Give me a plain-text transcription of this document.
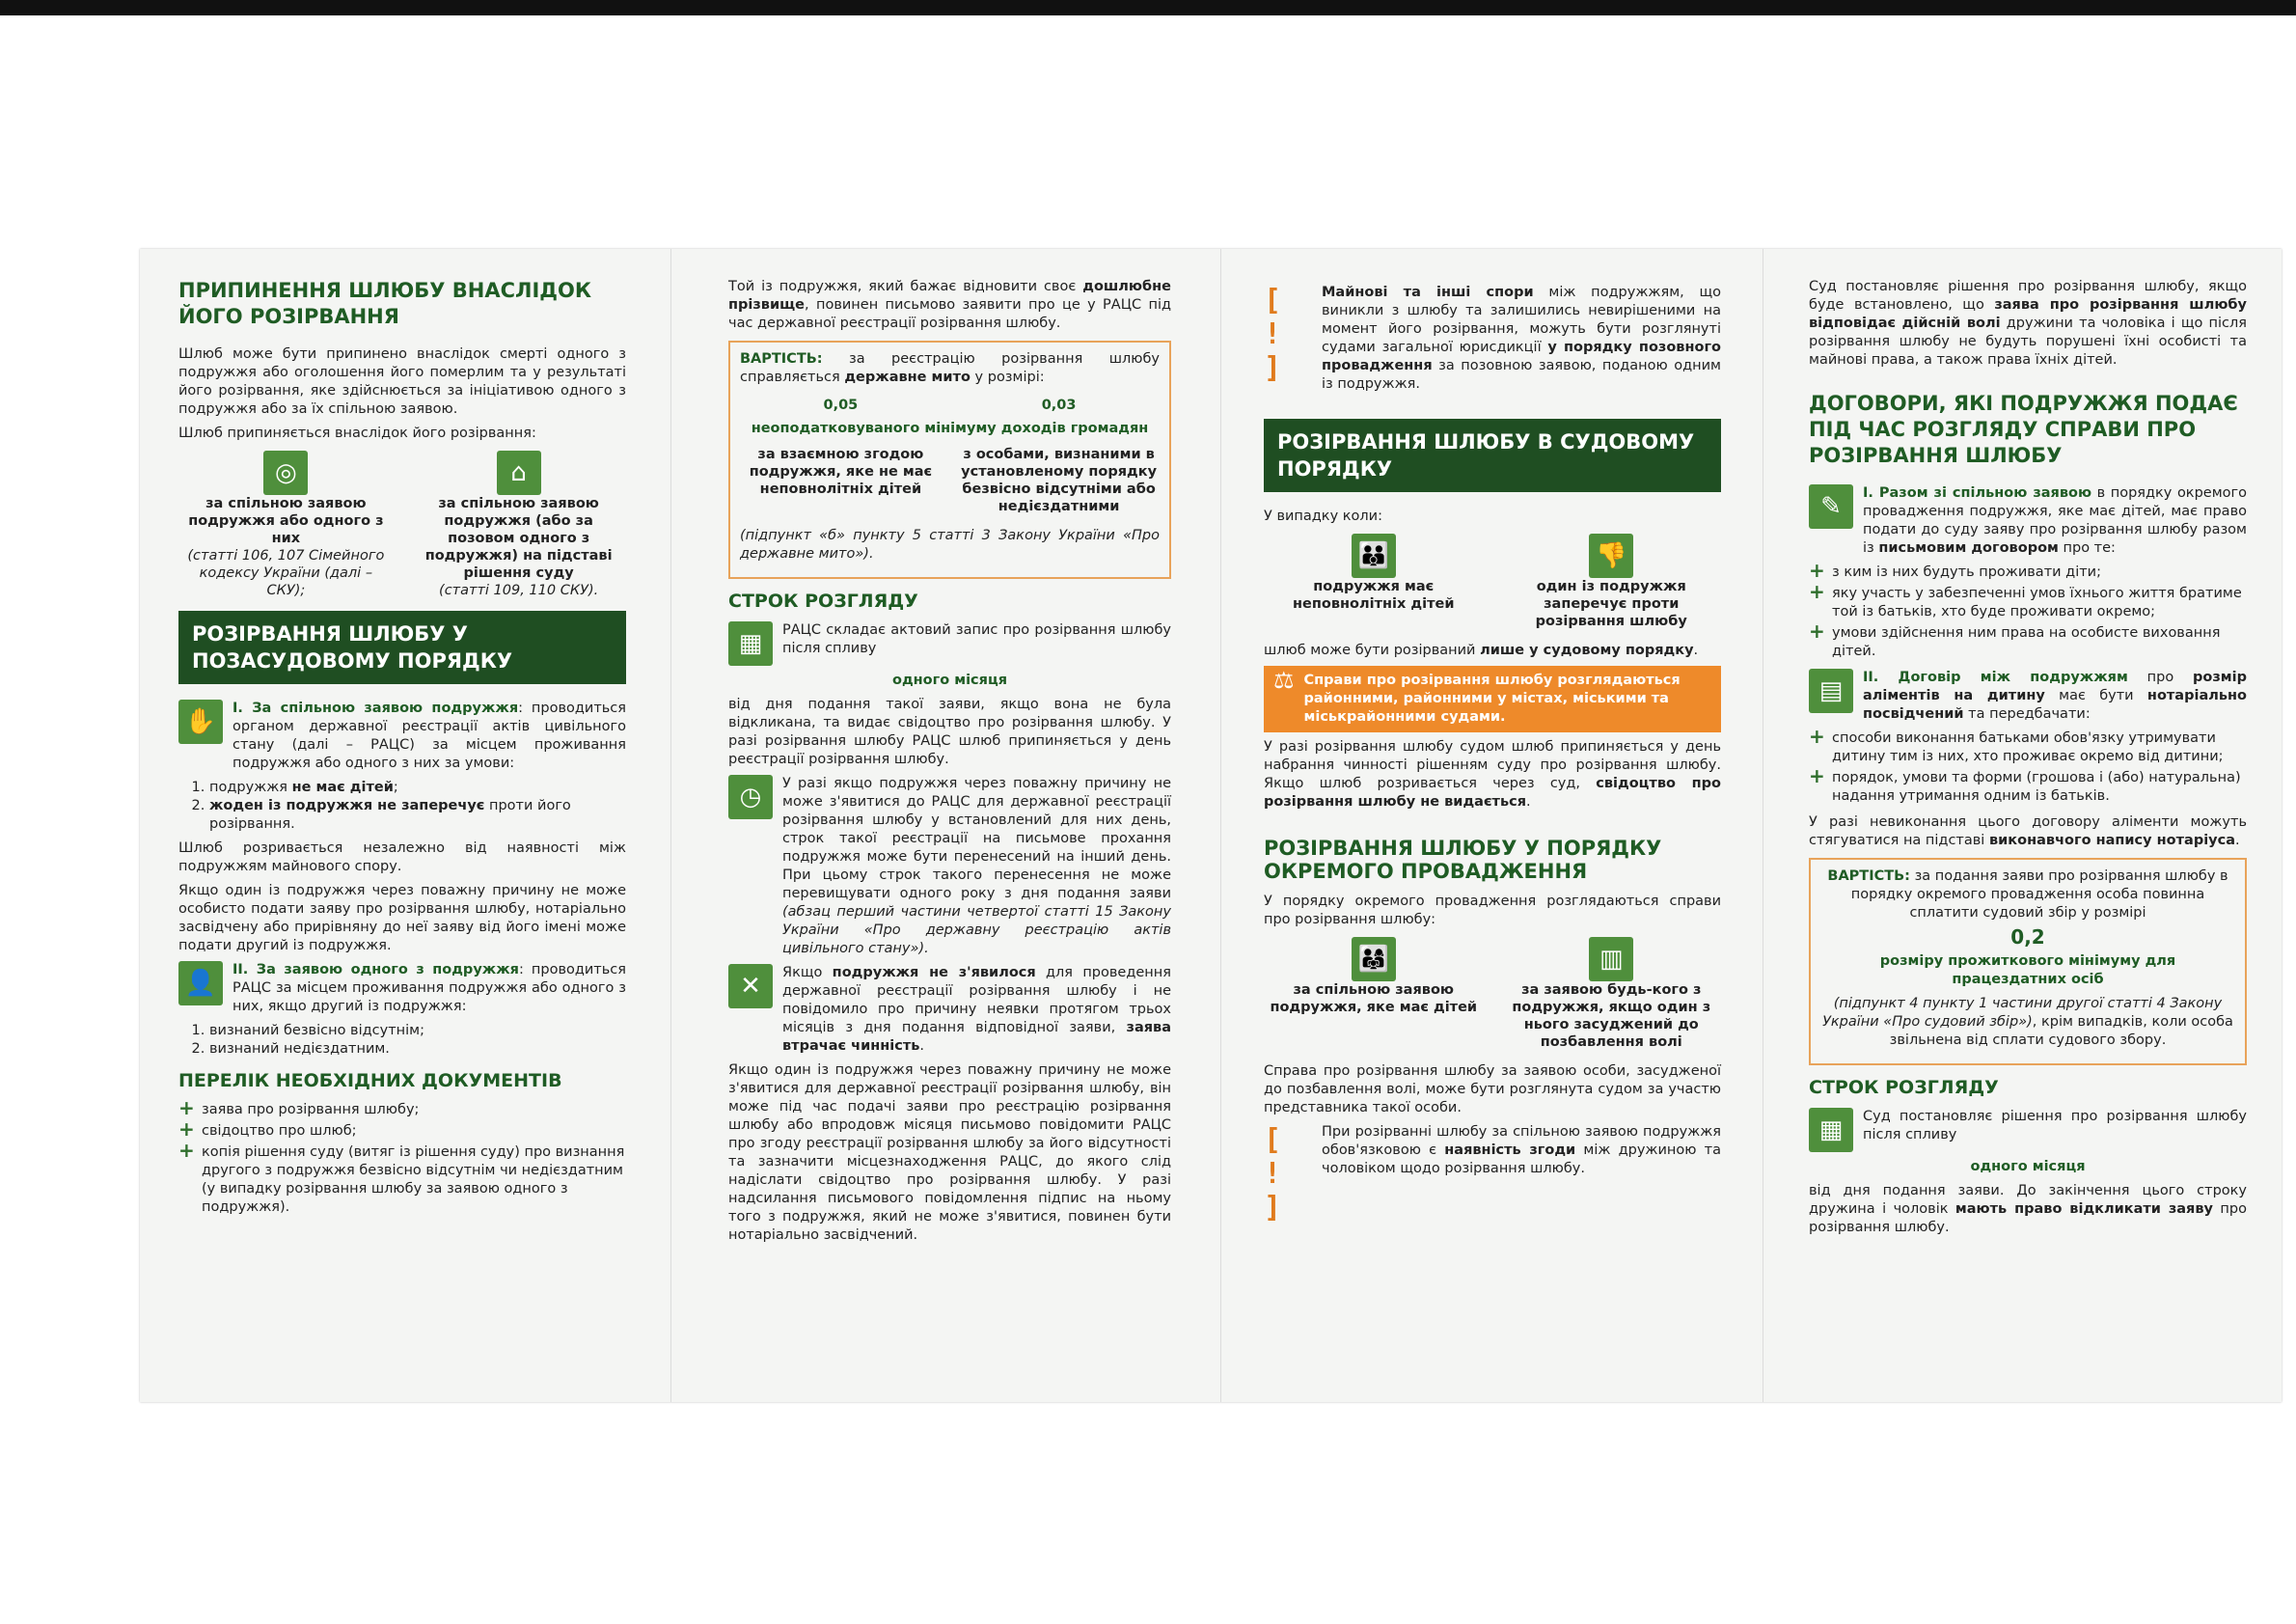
ПРИПИНЕННЯ ШЛЮБУ ВНАСЛІДОК ЙОГО РОЗІРВАННЯ

Шлюб може бути припинено внаслідок смерті одного з подружжя або оголошення його померлим та у результаті його розірвання, яке здійснюється за ініціативою одного з подружжя або за їх спільною заявою.

Шлюб припиняється внаслідок його розірвання:

◎
за спільною заявою подружжя або одного з них
(статті 106, 107 Сімейного кодексу України (далі – СКУ);
⌂
за спільною заявою подружжя (або за позовом одного з подружжя) на підставі рішення суду
(статті 109, 110 СКУ).
РОЗІРВАННЯ ШЛЮБУ У ПОЗАСУДОВОМУ ПОРЯДКУ
✋	І. За спільною заявою подружжя: проводиться органом державної реєстрації актів цивільного стану (далі – РАЦС) за місцем проживання подружжя або одного з них за умови:
1. подружжя не має дітей;
2. жоден із подружжя не заперечує проти його розірвання.

Шлюб розривається незалежно від наявності між подружжям майнового спору.

Якщо один із подружжя через поважну причину не може особисто подати заяву про розірвання шлюбу, нотаріально засвідчену або прирівняну до неї заяву від його імені може подати другий із подружжя.

👤	ІІ. За заявою одного з подружжя: проводиться РАЦС за місцем проживання подружжя або одного з них, якщо другий із подружжя:
1. визнаний безвісно відсутнім;
2. визнаний недієздатним.
ПЕРЕЛІК НЕОБХІДНИХ ДОКУМЕНТІВ
+ заява про розірвання шлюбу;
+ свідоцтво про шлюб;
+ копія рішення суду (витяг із рішення суду) про визнання другого з подружжя безвісно відсутнім чи недієздатним (у випадку розірвання шлюбу за заявою одного з подружжя).

Той із подружжя, який бажає відновити своє дошлюбне прізвище, повинен письмово заявити про це у РАЦС під час державної реєстрації розірвання шлюбу.

ВАРТІСТЬ: за реєстрацію розірвання шлюбу справляється державне мито у розмірі:

0,05	0,03

неоподатковуваного мінімуму доходів громадян

за взаємною згодою подружжя, яке не має неповнолітніх дітей
з особами, визнаними в установленому порядку безвісно відсутніми або недієздатними

(підпункт «б» пункту 5 статті 3 Закону України «Про державне мито»).

СТРОК РОЗГЛЯДУ
▦	РАЦС складає актовий запис про розірвання шлюбу після спливу

одного місяця

від дня подання такої заяви, якщо вона не була відкликана, та видає свідоцтво про розірвання шлюбу. У разі розірвання шлюбу РАЦС шлюб припиняється у день реєстрації розірвання шлюбу.

◷	У разі якщо подружжя через поважну причину не може з'явитися до РАЦС для державної реєстрації розірвання шлюбу у встановлений для них день, строк такої реєстрації на письмове прохання подружжя може бути перенесений на інший день. При цьому строк такого перенесення не може перевищувати одного року з дня подання заяви (абзац перший частини четвертої статті 15 Закону України «Про державну реєстрацію актів цивільного стану»).
✕	Якщо подружжя не з'явилося для проведення державної реєстрації розірвання шлюбу і не повідомило про причину неявки протягом трьох місяців з дня подання відповідної заяви, заява втрачає чинність.

Якщо один із подружжя через поважну причину не може з'явитися для державної реєстрації розірвання шлюбу, він може під час подачі заяви про реєстрацію розірвання шлюбу або впродовж місяця письмово повідомити РАЦС про згоду реєстрації розірвання шлюбу за його відсутності та зазначити місцезнаходження РАЦС, до якого слід надіслати свідоцтво про розірвання шлюбу. У разі надсилання письмового повідомлення підпис на ньому того з подружжя, який не може з'явитися, повинен бути нотаріально засвідчений.

[ ! ]
Майнові та інші спори між подружжям, що виникли з шлюбу та залишились невирішеними на момент його розірвання, можуть бути розглянуті судами загальної юрисдикції у порядку позовного провадження за позовною заявою, поданою одним із подружжя.
РОЗІРВАННЯ ШЛЮБУ В СУДОВОМУ ПОРЯДКУ

У випадку коли:

👪
подружжя має неповнолітніх дітей
👎
один із подружжя заперечує проти розірвання шлюбу

шлюб може бути розірваний лише у судовому порядку.

⚖ Справи про розірвання шлюбу розглядаються районними, районними у містах, міськими та міськрайонними судами.

У разі розірвання шлюбу судом шлюб припиняється у день набрання чинності рішенням суду про розірвання шлюбу. Якщо шлюб розривається через суд, свідоцтво про розірвання шлюбу не видається.

РОЗІРВАННЯ ШЛЮБУ У ПОРЯДКУ ОКРЕМОГО ПРОВАДЖЕННЯ

У порядку окремого провадження розглядаються справи про розірвання шлюбу:

👨‍👩‍👧
за спільною заявою подружжя, яке має дітей
▥
за заявою будь-кого з подружжя, якщо один з нього засуджений до позбавлення волі

Справа про розірвання шлюбу за заявою особи, засудженої до позбавлення волі, може бути розглянута судом за участю представника такої особи.

[ ! ]
При розірванні шлюбу за спільною заявою подружжя обов'язковою є наявність згоди між дружиною та чоловіком щодо розірвання шлюбу.

Суд постановляє рішення про розірвання шлюбу, якщо буде встановлено, що заява про розірвання шлюбу відповідає дійсній волі дружини та чоловіка і що після розірвання шлюбу не будуть порушені їхні особисті та майнові права, а також права їхніх дітей.

ДОГОВОРИ, ЯКІ ПОДРУЖЖЯ ПОДАЄ ПІД ЧАС РОЗГЛЯДУ СПРАВИ ПРО РОЗІРВАННЯ ШЛЮБУ
✎	І. Разом зі спільною заявою в порядку окремого провадження подружжя, яке має дітей, має право подати до суду заяву про розірвання шлюбу разом із письмовим договором про те:
+ з ким із них будуть проживати діти;
+ яку участь у забезпеченні умов їхнього життя братиме той із батьків, хто буде проживати окремо;
+ умови здійснення ним права на особисте виховання дітей.
▤	ІІ. Договір між подружжям про розмір аліментів на дитину має бути нотаріально посвідчений та передбачати:
+ способи виконання батьками обов'язку утримувати дитину тим із них, хто проживає окремо від дитини;
+ порядок, умови та форми (грошова і (або) натуральна) надання утримання одним із батьків.

У разі невиконання цього договору аліменти можуть стягуватися на підставі виконавчого напису нотаріуса.

ВАРТІСТЬ: за подання заяви про розірвання шлюбу в порядку окремого провадження особа повинна сплатити судовий збір у розмірі

0,2

розміру прожиткового мінімуму для працездатних осіб

(підпункт 4 пункту 1 частини другої статті 4 Закону України «Про судовий збір»), крім випадків, коли особа звільнена від сплати судового збору.

СТРОК РОЗГЛЯДУ
▦	Суд постановляє рішення про розірвання шлюбу після спливу

одного місяця

від дня подання заяви. До закінчення цього строку дружина і чоловік мають право відкликати заяву про розірвання шлюбу.
